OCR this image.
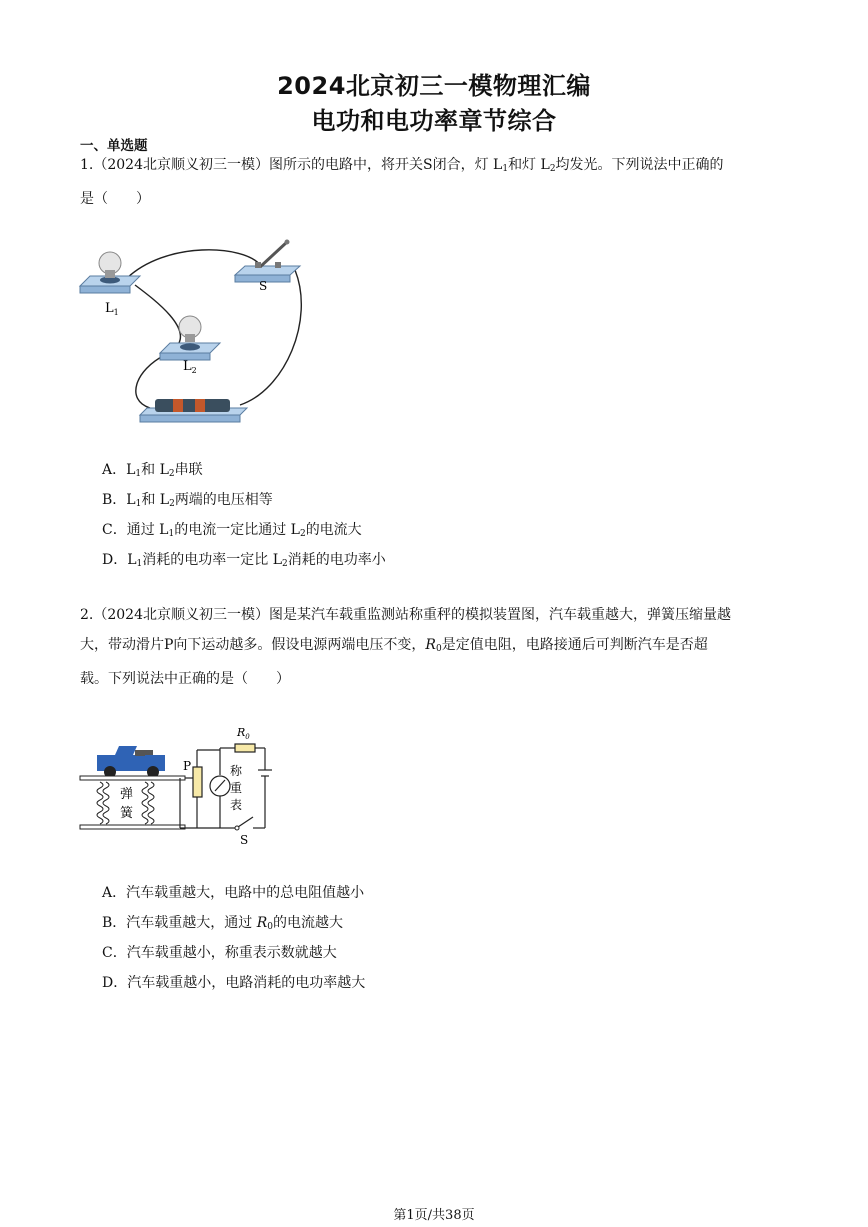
2024北京初三一模物理汇编
电功和电功率章节综合
一、单选题
1.（2024北京顺义初三一模）图所示的电路中，将开关S闭合，灯 $L_1$和灯 $L_2$均发光。下列说法中正确的
是（　　）
$L_1$
S
$L_2$
A．$L_1$和 $L_2$串联
B．$L_1$和 $L_2$两端的电压相等
C．通过 $L_1$的电流一定比通过 $L_2$的电流大
D．$L_1$消耗的电功率一定比 $L_2$消耗的电功率小
2.（2024北京顺义初三一模）图是某汽车载重监测站称重秤的模拟装置图，汽车载重越大，弹簧压缩量越
大，带动滑片P向下运动越多。假设电源两端电压不变，$R_0$是定值电阻，电路接通后可判断汽车是否超
载。下列说法中正确的是（　　）
弹
簧
$R_0$
P	称
重
表
S
A．汽车载重越大，电路中的总电阻值越小
B．汽车载重越大，通过 $R_0$的电流越大
C．汽车载重越小，称重表示数就越大
D．汽车载重越小，电路消耗的电功率越大
第1页/共38页
